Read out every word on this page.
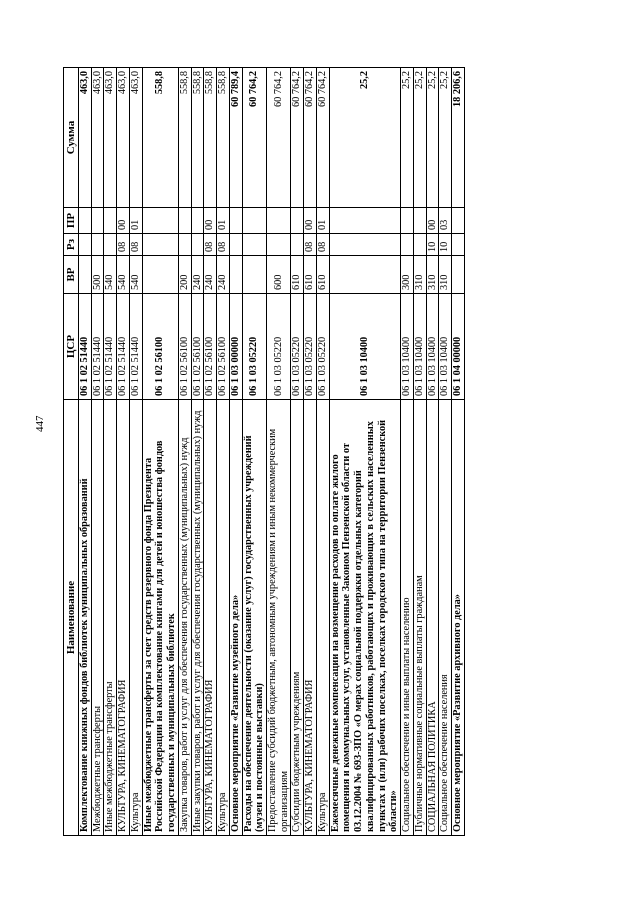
447
Наименование	ЦСР	ВР	Рз	ПР	Сумма
Комплектование книжных фондов библиотек муниципальных образований	06 1 02 51440				463,0
Межбюджетные трансферты	06 1 02 51440	500			463,0
Иные межбюджетные трансферты	06 1 02 51440	540			463,0
КУЛЬТУРА, КИНЕМАТОГРАФИЯ	06 1 02 51440	540	08	00	463,0
Культура	06 1 02 51440	540	08	01	463,0
Иные межбюджетные трансферты за счет средств резервного фонда Президента Российской Федерации на комплектование книгами для детей и юношества фондов государственных и муниципальных библиотек	06 1 02 56100				558,8
Закупка товаров, работ и услуг для обеспечения государственных (муниципальных) нужд	06 1 02 56100	200			558,8
Иные закупки товаров, работ и услуг для обеспечения государственных (муниципальных) нужд	06 1 02 56100	240			558,8
КУЛЬТУРА, КИНЕМАТОГРАФИЯ	06 1 02 56100	240	08	00	558,8
Культура	06 1 02 56100	240	08	01	558,8
Основное мероприятие «Развитие музейного дела»	06 1 03 00000				60 789,4
Расходы на обеспечение деятельности (оказание услуг) государственных учреждений (музеи и постоянные выставки)	06 1 03 05220				60 764,2
Предоставление субсидий бюджетным, автономным учреждениям и иным некоммерческим организациям	06 1 03 05220	600			60 764,2
Субсидии бюджетным учреждениям	06 1 03 05220	610			60 764,2
КУЛЬТУРА, КИНЕМАТОГРАФИЯ	06 1 03 05220	610	08	00	60 764,2
Культура	06 1 03 05220	610	08	01	60 764,2
Ежемесячные денежные компенсации на возмещение расходов по оплате жилого помещения и коммунальных услуг, установленные Законом Пензенской области от 03.12.2004 № 693-ЗПО «О мерах социальной поддержки отдельных категорий квалифицированных работников, работающих и проживающих в сельских населенных пунктах и (или) рабочих поселках, поселках городского типа на территории Пензенской области»	06 1 03 10400				25,2
Социальное обеспечение и иные выплаты населению	06 1 03 10400	300			25,2
Публичные нормативные социальные выплаты гражданам	06 1 03 10400	310			25,2
СОЦИАЛЬНАЯ ПОЛИТИКА	06 1 03 10400	310	10	00	25,2
Социальное обеспечение населения	06 1 03 10400	310	10	03	25,2
Основное мероприятие «Развитие архивного дела»	06 1 04 00000				18 206,6
